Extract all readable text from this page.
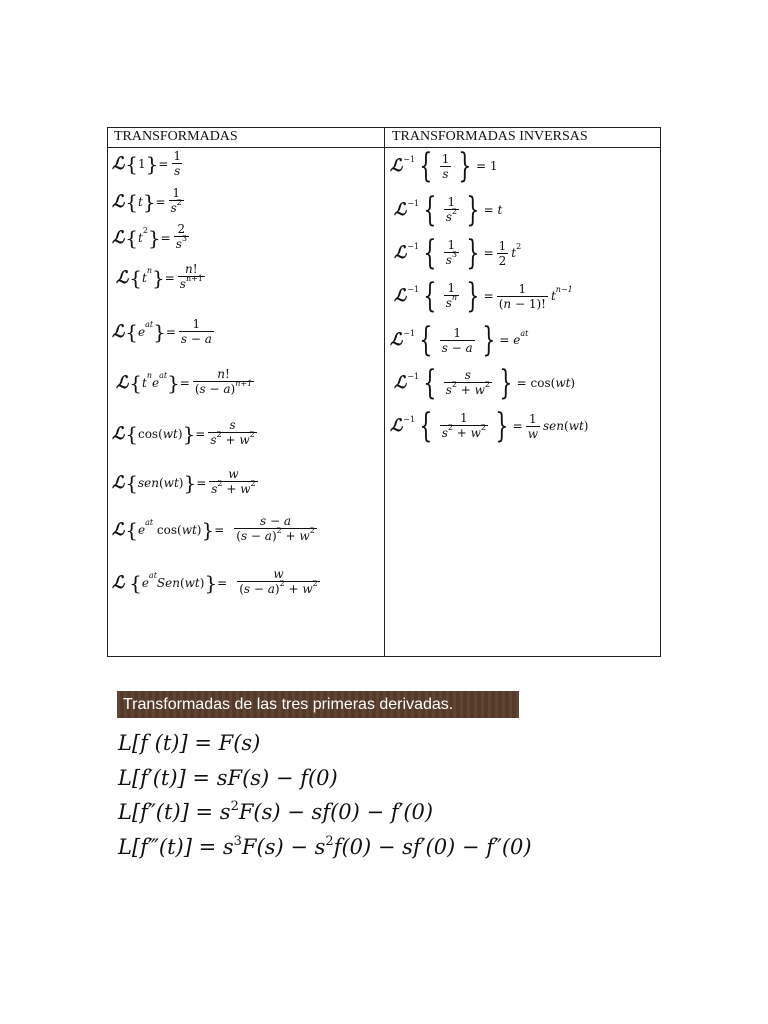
TRANSFORMADAS	TRANSFORMADAS INVERSAS
ℒ { 1 } =
1
s
ℒ { t } =
1
$s^2$
ℒ { t 2 } =
2
$s^3$
ℒ { t n } =
n!
$s^{n+1}$
ℒ { e at } =
1
s − a
ℒ { t n e at } =
n!
$(s - a)^{n+1}$
ℒ { cos( wt ) } =
s
$s^2 + w^2$
ℒ { sen ( wt ) } =
w
$s^2 + w^2$
ℒ { e at cos( wt ) } =
s − a
$(s - a)^2 + w^2$
ℒ
{ e at Sen ( wt ) } =
w
$(s - a)^2 + w^2$
ℒ −1 { 1
s } = 1
ℒ −1 { 1
$s^2$ } = t
ℒ −1 { 1
$s^3$ } =
1
2
t 2
ℒ −1 { 1
$s^n$ } =
1
(n − 1)!
t n−1
ℒ −1 { 1
s − a } = e at
ℒ −1 { s
$s^2 + w^2$ } = cos( wt )
ℒ −1 { 1
$s^2 + w^2$ } =
1
w
sen ( wt )
Transformadas de las tres primeras derivadas.
L[f (t)] = F(s)
L[f′(t)] = sF(s) − f(0)
$L[f''(t)] = s^2F(s) - sf(0) - f'(0)$
L[f‴(t)] = $s^3F(s) - s^2f(0) - sf'(0) - f''(0)$
